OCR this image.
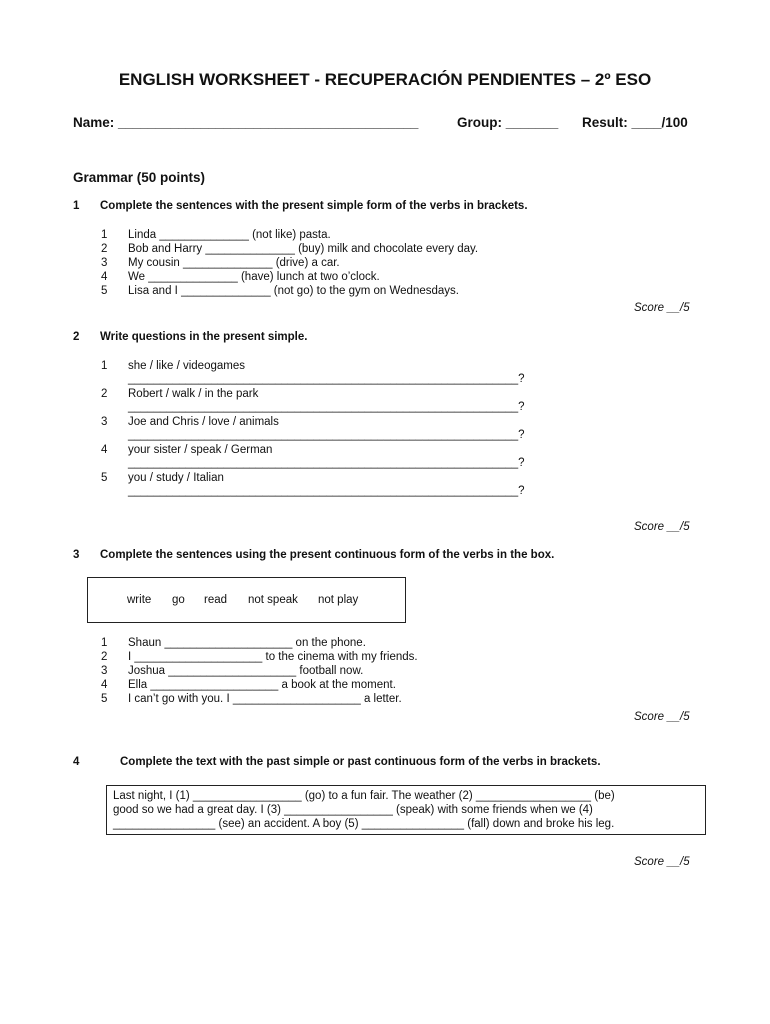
ENGLISH WORKSHEET - RECUPERACIÓN PENDIENTES – 2º ESO
Name: ________________________________________	Group: _______ Result: ____/100
Grammar (50 points)
1 Complete the sentences with the present simple form of the verbs in brackets.
1 Linda ______________ (not like) pasta.
2 Bob and Harry ______________ (buy) milk and chocolate every day.
3 My cousin ______________ (drive) a car.
4 We ______________ (have) lunch at two o’clock.
5 Lisa and I ______________ (not go) to the gym on Wednesdays.
Score __/5
2 Write questions in the present simple.
1 she / like / videogames
_____________________________________________________________?
2 Robert / walk / in the park
_____________________________________________________________?
3 Joe and Chris / love / animals
_____________________________________________________________?
4 your sister / speak / German
_____________________________________________________________?
5 you / study / Italian
_____________________________________________________________?
Score __/5
3 Complete the sentences using the present continuous form of the verbs in the box.
write go read not speak not play
1 Shaun ____________________ on the phone.
2 I ____________________ to the cinema with my friends.
3 Joshua ____________________ football now.
4 Ella ____________________ a book at the moment.
5 I can’t go with you. I ____________________ a letter.
Score __/5
4	Complete the text with the past simple or past continuous form of the verbs in brackets.
Last night, I (1) _________________ (go) to a fun fair. The weather (2) __________________ (be)
good so we had a great day. I (3) _________________ (speak) with some friends when we (4)
________________ (see) an accident. A boy (5) ________________ (fall) down and broke his leg.
Score __/5
